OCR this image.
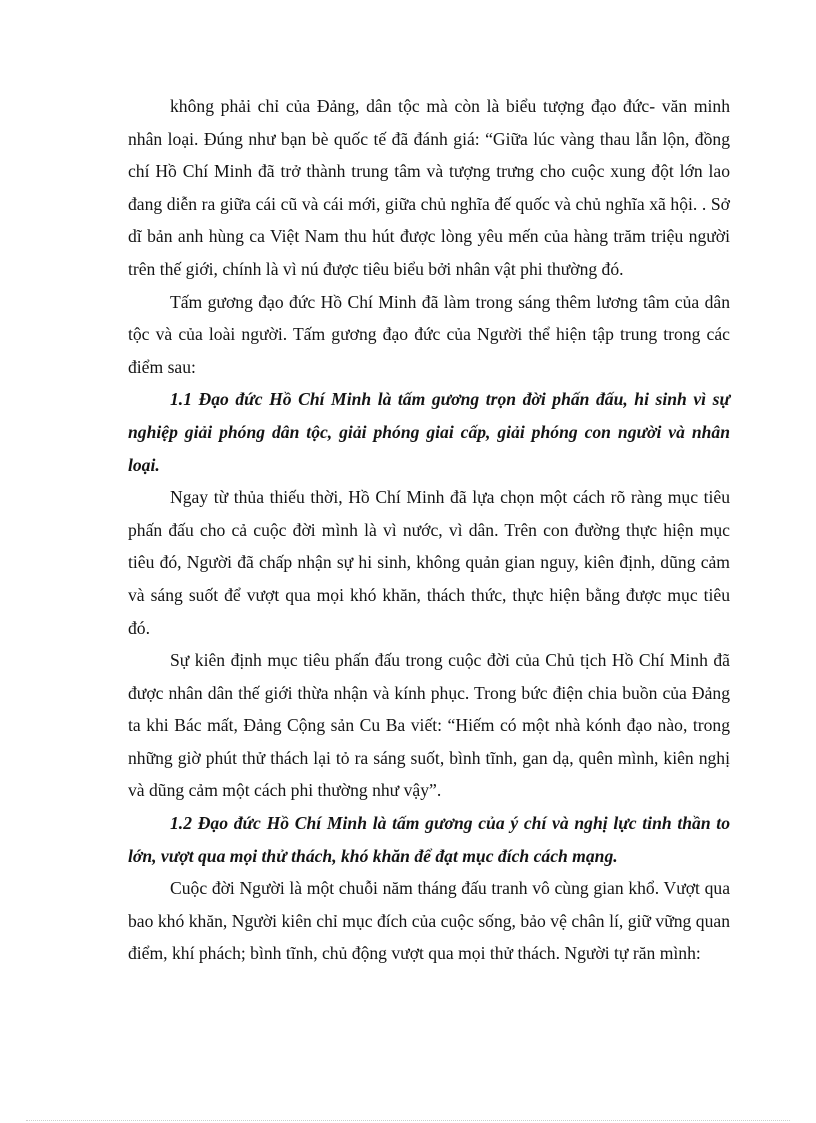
không phải chỉ của Đảng, dân tộc mà còn là biểu tượng đạo đức- văn minh nhân loại. Đúng như bạn bè quốc tế đã đánh giá: “Giữa lúc vàng thau lẫn lộn, đồng chí Hồ Chí Minh đã trở thành trung tâm và tượng trưng cho cuộc xung đột lớn lao đang diễn ra giữa cái cũ và cái mới, giữa chủ nghĩa đế quốc và chủ nghĩa xã hội. . Sở dĩ bản anh hùng ca Việt Nam thu hút được lòng yêu mến của hàng trăm triệu người trên thế giới, chính là vì nú được tiêu biểu bởi nhân vật phi thường đó.

Tấm gương đạo đức Hồ Chí Minh đã làm trong sáng thêm lương tâm của dân tộc và của loài người. Tấm gương đạo đức của Người thể hiện tập trung trong các điểm sau:

1.1 Đạo đức Hồ Chí Minh là tấm gương trọn đời phấn đấu, hi sinh vì sự nghiệp giải phóng dân tộc, giải phóng giai cấp, giải phóng con người và nhân loại.

Ngay từ thủa thiếu thời, Hồ Chí Minh đã lựa chọn một cách rõ ràng mục tiêu phấn đấu cho cả cuộc đời mình là vì nước, vì dân. Trên con đường thực hiện mục tiêu đó, Người đã chấp nhận sự hi sinh, không quản gian nguy, kiên định, dũng cảm và sáng suốt để vượt qua mọi khó khăn, thách thức, thực hiện bằng được mục tiêu đó.

Sự kiên định mục tiêu phấn đấu trong cuộc đời của Chủ tịch Hồ Chí Minh đã được nhân dân thế giới thừa nhận và kính phục. Trong bức điện chia buồn của Đảng ta khi Bác mất, Đảng Cộng sản Cu Ba viết: “Hiếm có một nhà kónh đạo nào, trong những giờ phút thử thách lại tỏ ra sáng suốt, bình tĩnh, gan dạ, quên mình, kiên nghị và dũng cảm một cách phi thường như vậy”.

1.2 Đạo đức Hồ Chí Minh là tấm gương của ý chí và nghị lực tinh thần to lớn, vượt qua mọi thử thách, khó khăn để đạt mục đích cách mạng.

Cuộc đời Người là một chuỗi năm tháng đấu tranh vô cùng gian khổ. Vượt qua bao khó khăn, Người kiên chỉ mục đích của cuộc sống, bảo vệ chân lí, giữ vững quan điểm, khí phách; bình tĩnh, chủ động vượt qua mọi thử thách. Người tự răn mình:
